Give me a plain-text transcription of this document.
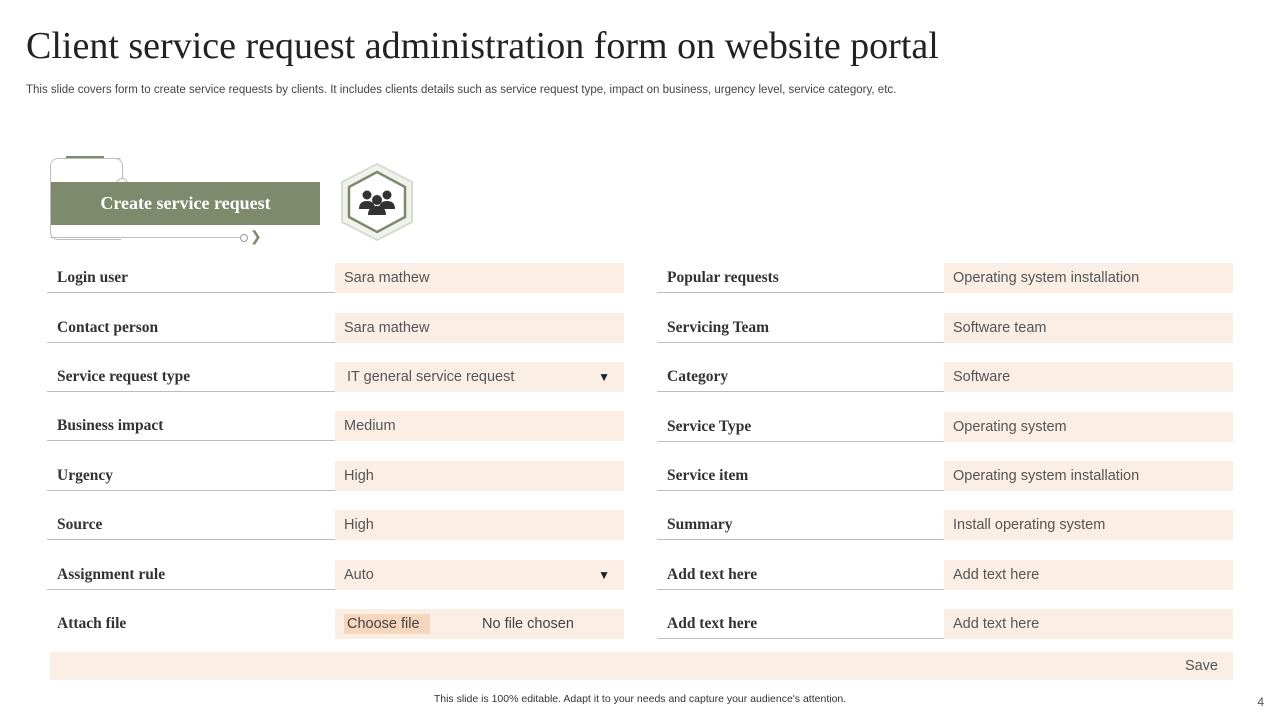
Client service request administration form on website portal
This slide covers form to create service requests by clients. It includes clients details such as service request type, impact on business, urgency level, service category, etc.
❯
Create service request
Login user	Sara mathew
Contact person	Sara mathew
Service request type	IT general service request	▼
Business impact	Medium
Urgency	High
Source	High
Assignment rule	Auto	▼
Attach file	Choose file	No file chosen
Popular requests	Operating system installation
Servicing Team	Software team
Category	Software
Service Type	Operating system
Service item	Operating system installation
Summary	Install operating system
Add text here	Add text here
Add text here	Add text here
Save
This slide is 100% editable. Adapt it to your needs and capture your audience's attention.	4
